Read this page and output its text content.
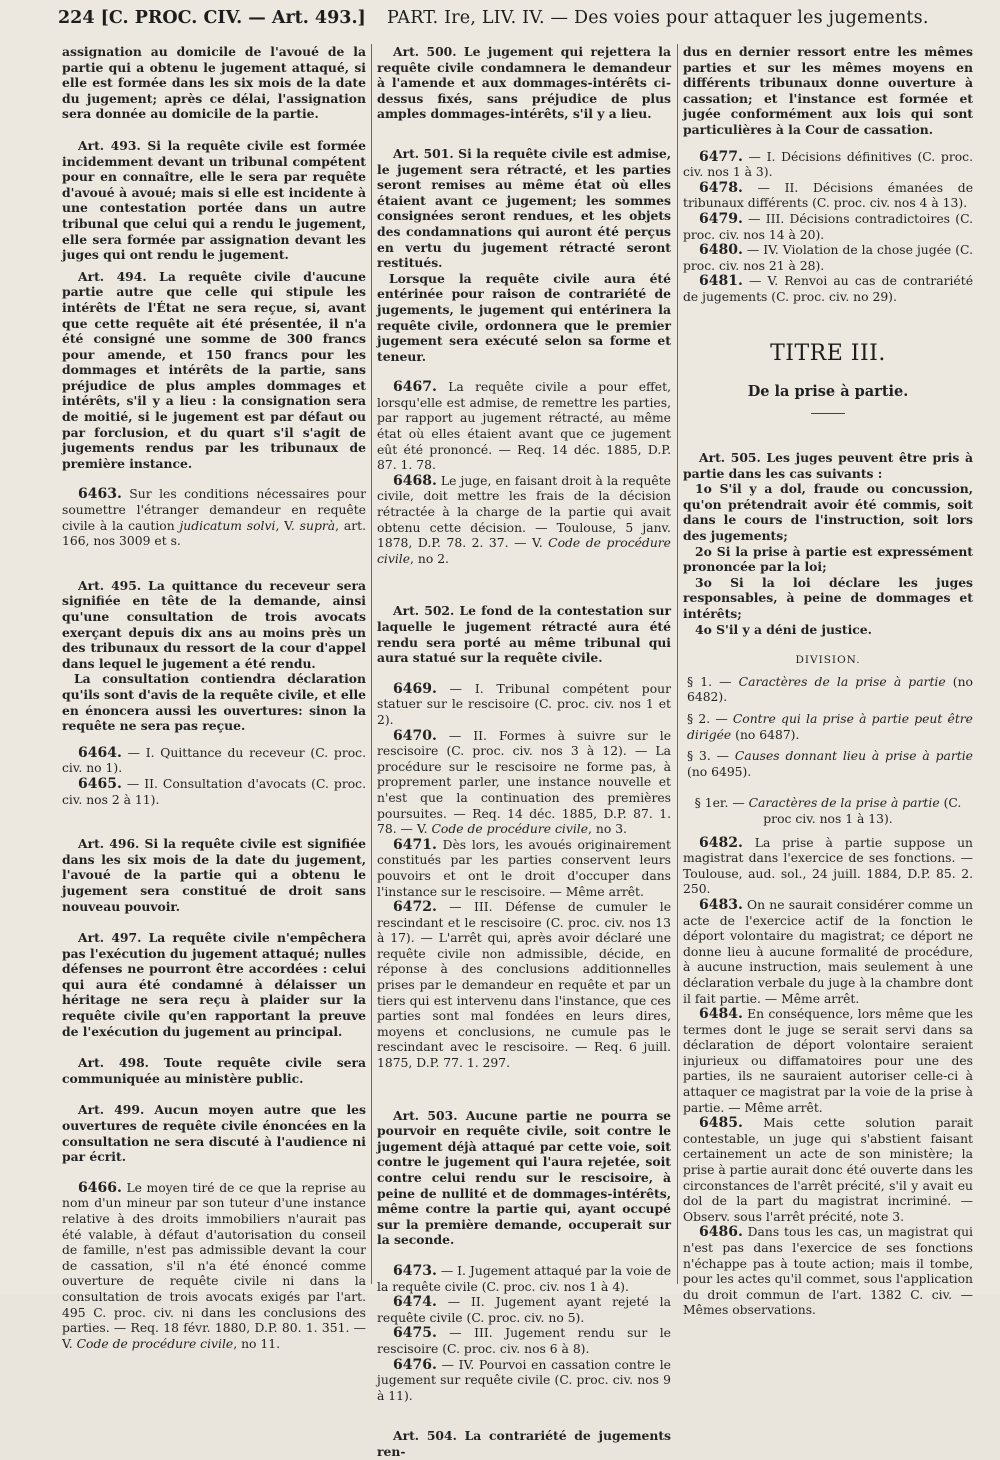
224 [C. PROC. CIV. — Art. 493.] PART. Ire, LIV. IV. — Des voies pour attaquer les jugements.

assignation au domicile de l'avoué de la partie qui a obtenu le jugement attaqué, si elle est formée dans les six mois de la date du jugement; après ce délai, l'assignation sera donnée au domicile de la partie.

Art. 493. Si la requête civile est formée incidemment devant un tribunal compétent pour en connaître, elle le sera par requête d'avoué à avoué; mais si elle est incidente à une contestation portée dans un autre tribunal que celui qui a rendu le jugement, elle sera formée par assignation devant les juges qui ont rendu le jugement.

Art. 494. La requête civile d'aucune partie autre que celle qui stipule les intérêts de l'État ne sera reçue, si, avant que cette requête ait été présentée, il n'a été consigné une somme de 300 francs pour amende, et 150 francs pour les dommages et intérêts de la partie, sans préjudice de plus amples dommages et intérêts, s'il y a lieu : la consignation sera de moitié, si le jugement est par défaut ou par forclusion, et du quart s'il s'agit de jugements rendus par les tribunaux de première instance.

6463. Sur les conditions nécessaires pour soumettre l'étranger demandeur en requête civile à la caution judicatum solvi, V. suprà, art. 166, nos 3009 et s.

Art. 495. La quittance du receveur sera signifiée en tête de la demande, ainsi qu'une consultation de trois avocats exerçant depuis dix ans au moins près un des tribunaux du ressort de la cour d'appel dans lequel le jugement a été rendu.

La consultation contiendra déclaration qu'ils sont d'avis de la requête civile, et elle en énoncera aussi les ouvertures: sinon la requête ne sera pas reçue.

6464. — I. Quittance du receveur (C. proc. civ. no 1).

6465. — II. Consultation d'avocats (C. proc. civ. nos 2 à 11).

Art. 496. Si la requête civile est signifiée dans les six mois de la date du jugement, l'avoué de la partie qui a obtenu le jugement sera constitué de droit sans nouveau pouvoir.

Art. 497. La requête civile n'empêchera pas l'exécution du jugement attaqué; nulles défenses ne pourront être accordées : celui qui aura été condamné à délaisser un héritage ne sera reçu à plaider sur la requête civile qu'en rapportant la preuve de l'exécution du jugement au principal.

Art. 498. Toute requête civile sera communiquée au ministère public.

Art. 499. Aucun moyen autre que les ouvertures de requête civile énoncées en la consultation ne sera discuté à l'audience ni par écrit.

6466. Le moyen tiré de ce que la reprise au nom d'un mineur par son tuteur d'une instance relative à des droits immobiliers n'aurait pas été valable, à défaut d'autorisation du conseil de famille, n'est pas admissible devant la cour de cassation, s'il n'a été énoncé comme ouverture de requête civile ni dans la consultation de trois avocats exigés par l'art. 495 C. proc. civ. ni dans les conclusions des parties. — Req. 18 févr. 1880, D.P. 80. 1. 351. — V. Code de procédure civile, no 11.

Art. 500. Le jugement qui rejettera la requête civile condamnera le demandeur à l'amende et aux dommages-intérêts ci-dessus fixés, sans préjudice de plus amples dommages-intérêts, s'il y a lieu.

Art. 501. Si la requête civile est admise, le jugement sera rétracté, et les parties seront remises au même état où elles étaient avant ce jugement; les sommes consignées seront rendues, et les objets des condamnations qui auront été perçus en vertu du jugement rétracté seront restitués.

Lorsque la requête civile aura été entérinée pour raison de contrariété de jugements, le jugement qui entérinera la requête civile, ordonnera que le premier jugement sera exécuté selon sa forme et teneur.

6467. La requête civile a pour effet, lorsqu'elle est admise, de remettre les parties, par rapport au jugement rétracté, au même état où elles étaient avant que ce jugement eût été prononcé. — Req. 14 déc. 1885, D.P. 87. 1. 78.

6468. Le juge, en faisant droit à la requête civile, doit mettre les frais de la décision rétractée à la charge de la partie qui avait obtenu cette décision. — Toulouse, 5 janv. 1878, D.P. 78. 2. 37. — V. Code de procédure civile, no 2.

Art. 502. Le fond de la contestation sur laquelle le jugement rétracté aura été rendu sera porté au même tribunal qui aura statué sur la requête civile.

6469. — I. Tribunal compétent pour statuer sur le rescisoire (C. proc. civ. nos 1 et 2).

6470. — II. Formes à suivre sur le rescisoire (C. proc. civ. nos 3 à 12). — La procédure sur le rescisoire ne forme pas, à proprement parler, une instance nouvelle et n'est que la continuation des premières poursuites. — Req. 14 déc. 1885, D.P. 87. 1. 78. — V. Code de procédure civile, no 3.

6471. Dès lors, les avoués originairement constitués par les parties conservent leurs pouvoirs et ont le droit d'occuper dans l'instance sur le rescisoire. — Même arrêt.

6472. — III. Défense de cumuler le rescindant et le rescisoire (C. proc. civ. nos 13 à 17). — L'arrêt qui, après avoir déclaré une requête civile non admissible, décide, en réponse à des conclusions additionnelles prises par le demandeur en requête et par un tiers qui est intervenu dans l'instance, que ces parties sont mal fondées en leurs dires, moyens et conclusions, ne cumule pas le rescindant avec le rescisoire. — Req. 6 juill. 1875, D.P. 77. 1. 297.

Art. 503. Aucune partie ne pourra se pourvoir en requête civile, soit contre le jugement déjà attaqué par cette voie, soit contre le jugement qui l'aura rejetée, soit contre celui rendu sur le rescisoire, à peine de nullité et de dommages-intérêts, même contre la partie qui, ayant occupé sur la première demande, occuperait sur la seconde.

6473. — I. Jugement attaqué par la voie de la requête civile (C. proc. civ. nos 1 à 4).

6474. — II. Jugement ayant rejeté la requête civile (C. proc. civ. no 5).

6475. — III. Jugement rendu sur le rescisoire (C. proc. civ. nos 6 à 8).

6476. — IV. Pourvoi en cassation contre le jugement sur requête civile (C. proc. civ. nos 9 à 11).

Art. 504. La contrariété de jugements ren-

dus en dernier ressort entre les mêmes parties et sur les mêmes moyens en différents tribunaux donne ouverture à cassation; et l'instance est formée et jugée conformément aux lois qui sont particulières à la Cour de cassation.

6477. — I. Décisions définitives (C. proc. civ. nos 1 à 3).

6478. — II. Décisions émanées de tribunaux différents (C. proc. civ. nos 4 à 13).

6479. — III. Décisions contradictoires (C. proc. civ. nos 14 à 20).

6480. — IV. Violation de la chose jugée (C. proc. civ. nos 21 à 28).

6481. — V. Renvoi au cas de contrariété de jugements (C. proc. civ. no 29).

TITRE III.
De la prise à partie.

Art. 505. Les juges peuvent être pris à partie dans les cas suivants :

1o S'il y a dol, fraude ou concussion, qu'on prétendrait avoir été commis, soit dans le cours de l'instruction, soit lors des jugements;

2o Si la prise à partie est expressément prononcée par la loi;

3o Si la loi déclare les juges responsables, à peine de dommages et intérêts;

4o S'il y a déni de justice.

DIVISION.

§ 1. — Caractères de la prise à partie (no 6482).

§ 2. — Contre qui la prise à partie peut être dirigée (no 6487).

§ 3. — Causes donnant lieu à prise à partie (no 6495).

§ 1er. — Caractères de la prise à partie (C. proc civ. nos 1 à 13).

6482. La prise à partie suppose un magistrat dans l'exercice de ses fonctions. — Toulouse, aud. sol., 24 juill. 1884, D.P. 85. 2. 250.

6483. On ne saurait considérer comme un acte de l'exercice actif de la fonction le déport volontaire du magistrat; ce déport ne donne lieu à aucune formalité de procédure, à aucune instruction, mais seulement à une déclaration verbale du juge à la chambre dont il fait partie. — Même arrêt.

6484. En conséquence, lors même que les termes dont le juge se serait servi dans sa déclaration de déport volontaire seraient injurieux ou diffamatoires pour une des parties, ils ne sauraient autoriser celle-ci à attaquer ce magistrat par la voie de la prise à partie. — Même arrêt.

6485. Mais cette solution parait contestable, un juge qui s'abstient faisant certainement un acte de son ministère; la prise à partie aurait donc été ouverte dans les circonstances de l'arrêt précité, s'il y avait eu dol de la part du magistrat incriminé. — Observ. sous l'arrêt précité, note 3.

6486. Dans tous les cas, un magistrat qui n'est pas dans l'exercice de ses fonctions n'échappe pas à toute action; mais il tombe, pour les actes qu'il commet, sous l'application du droit commun de l'art. 1382 C. civ. — Mêmes observations.
